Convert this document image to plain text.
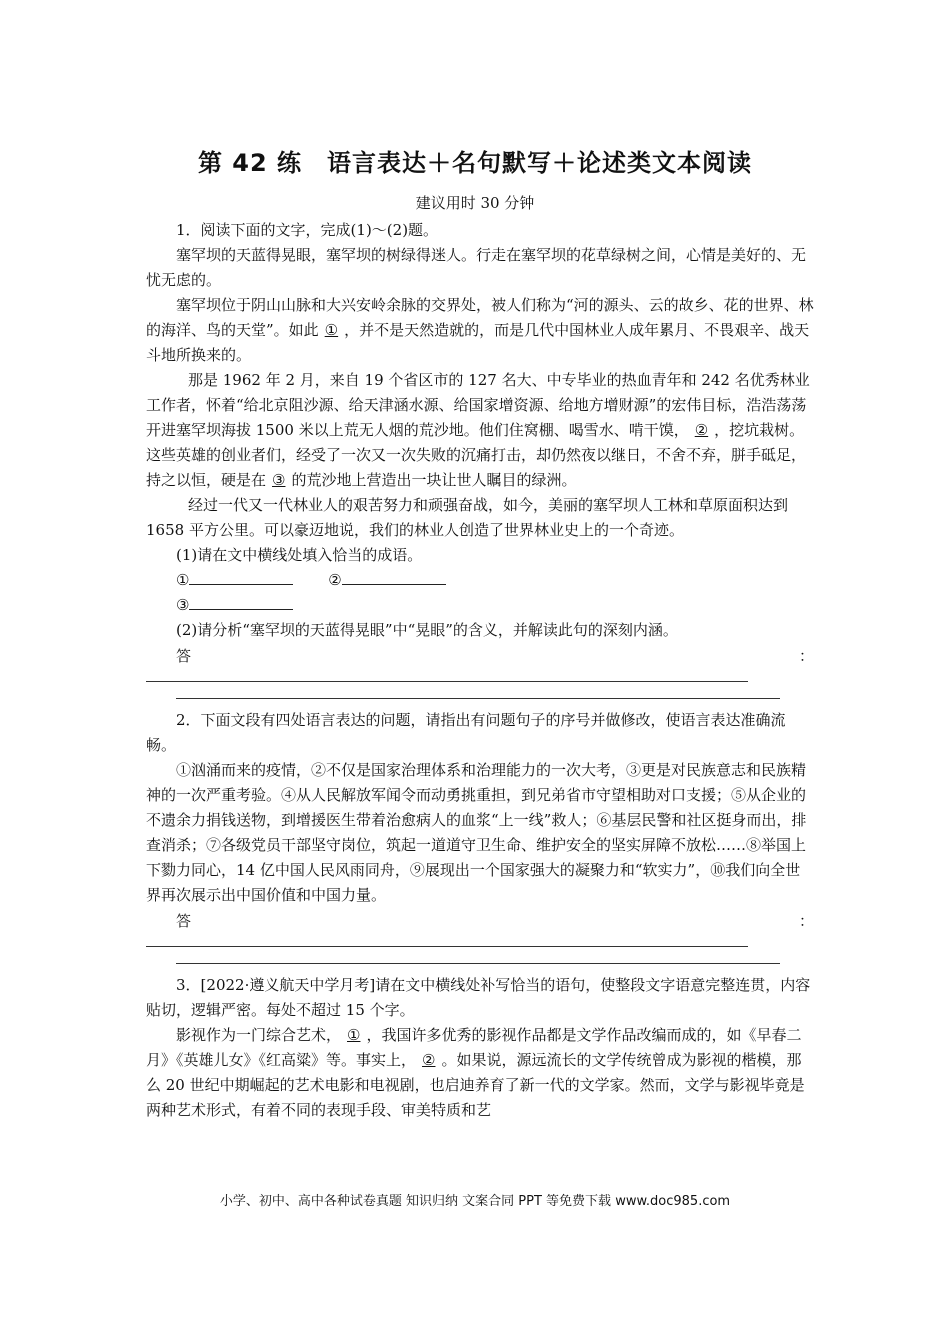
第 42 练　语言表达＋名句默写＋论述类文本阅读
建议用时 30 分钟

1．阅读下面的文字，完成(1)～(2)题。

塞罕坝的天蓝得晃眼，塞罕坝的树绿得迷人。行走在塞罕坝的花草绿树之间，心情是美好的、无忧无虑的。

塞罕坝位于阴山山脉和大兴安岭余脉的交界处，被人们称为“河的源头、云的故乡、花的世界、林的海洋、鸟的天堂”。如此 ① ，并不是天然造就的，而是几代中国林业人成年累月、不畏艰辛、战天斗地所换来的。

那是 1962 年 2 月，来自 19 个省区市的 127 名大、中专毕业的热血青年和 242 名优秀林业工作者，怀着“给北京阻沙源、给天津涵水源、给国家增资源、给地方增财源”的宏伟目标，浩浩荡荡开进塞罕坝海拔 1500 米以上荒无人烟的荒沙地。他们住窝棚、喝雪水、啃干馍， ② ，挖坑栽树。这些英雄的创业者们，经受了一次又一次失败的沉痛打击，却仍然夜以继日，不舍不弃，胼手砥足，持之以恒，硬是在 ③ 的荒沙地上营造出一块让世人瞩目的绿洲。

经过一代又一代林业人的艰苦努力和顽强奋战，如今，美丽的塞罕坝人工林和草原面积达到 1658 平方公里。可以豪迈地说，我们的林业人创造了世界林业史上的一个奇迹。

(1)请在文中横线处填入恰当的成语。

①	②
③

(2)请分析“塞罕坝的天蓝得晃眼”中“晃眼”的含义，并解读此句的深刻内涵。

答	：

2．下面文段有四处语言表达的问题，请指出有问题句子的序号并做修改，使语言表达准确流畅。

①汹涌而来的疫情，②不仅是国家治理体系和治理能力的一次大考，③更是对民族意志和民族精神的一次严重考验。④从人民解放军闻令而动勇挑重担，到兄弟省市守望相助对口支援；⑤从企业的不遗余力捐钱送物，到增援医生带着治愈病人的血浆“上一线”救人；⑥基层民警和社区挺身而出，排查消杀；⑦各级党员干部坚守岗位，筑起一道道守卫生命、维护安全的坚实屏障不放松……⑧举国上下勠力同心，14 亿中国人民风雨同舟，⑨展现出一个国家强大的凝聚力和“软实力”，⑩我们向全世界再次展示出中国价值和中国力量。

答	：

3．[2022·遵义航天中学月考]请在文中横线处补写恰当的语句，使整段文字语意完整连贯，内容贴切，逻辑严密。每处不超过 15 个字。

影视作为一门综合艺术， ① ，我国许多优秀的影视作品都是文学作品改编而成的，如《早春二月》《英雄儿女》《红高粱》等。事实上， ② 。如果说，源远流长的文学传统曾成为影视的楷模，那么 20 世纪中期崛起的艺术电影和电视剧，也启迪养育了新一代的文学家。然而，文学与影视毕竟是两种艺术形式，有着不同的表现手段、审美特质和艺

小学、初中、高中各种试卷真题 知识归纳 文案合同 PPT 等免费下载 www.doc985.com
